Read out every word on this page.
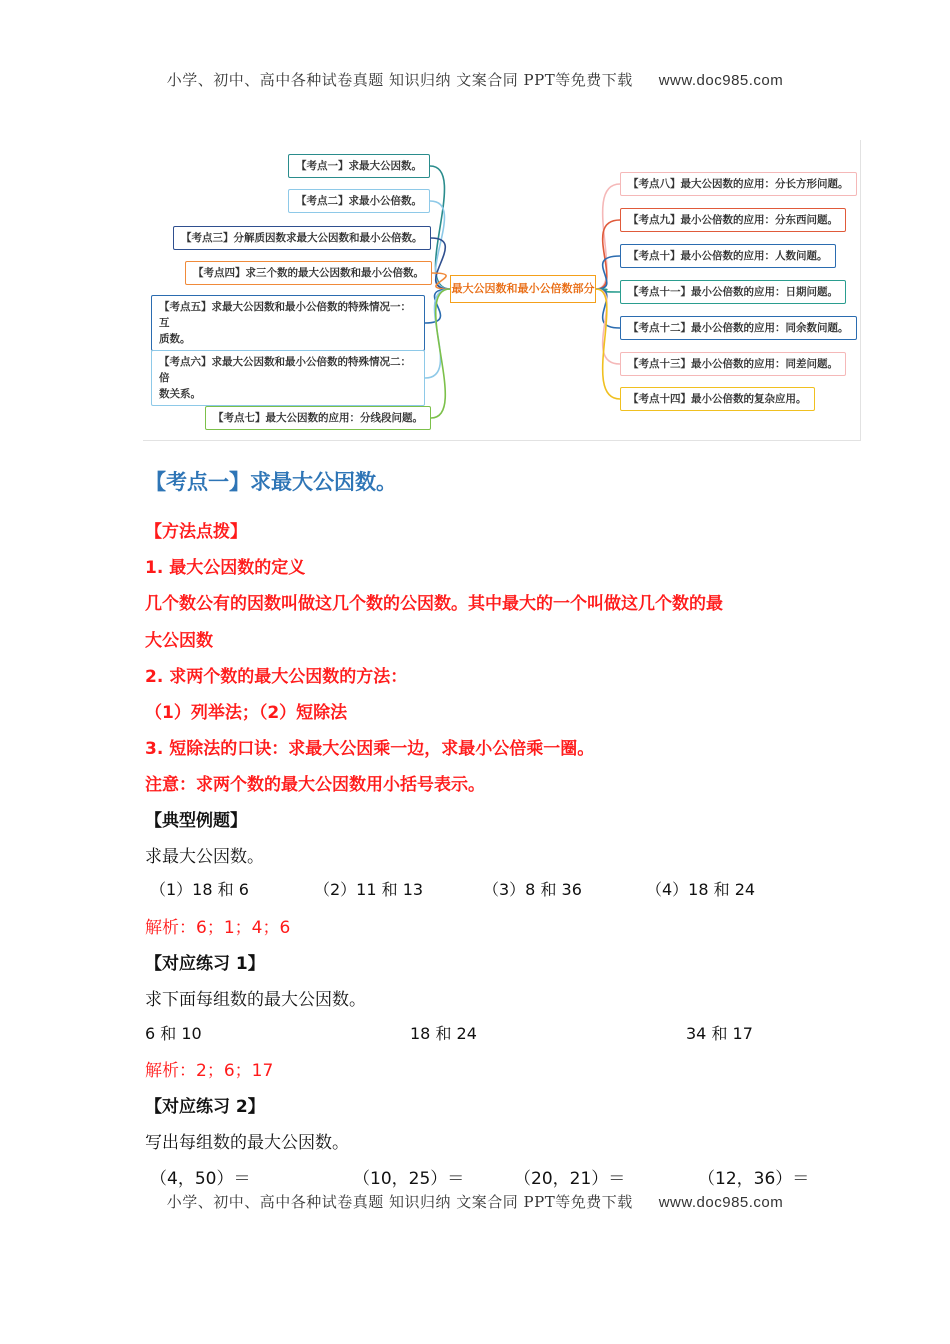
小学、初中、高中各种试卷真题 知识归纳 文案合同 PPT等免费下载 www.doc985.com
最大公因数和最小公倍数部分
【考点一】求最大公因数。
【考点二】求最小公倍数。
【考点三】分解质因数求最大公因数和最小公倍数。
【考点四】求三个数的最大公因数和最小公倍数。
【考点五】求最大公因数和最小公倍数的特殊情况一：互
质数。
【考点六】求最大公因数和最小公倍数的特殊情况二：倍
数关系。
【考点七】最大公因数的应用：分线段问题。
【考点八】最大公因数的应用：分长方形问题。
【考点九】最小公倍数的应用：分东西问题。
【考点十】最小公倍数的应用：人数问题。
【考点十一】最小公倍数的应用：日期问题。
【考点十二】最小公倍数的应用：同余数问题。
【考点十三】最小公倍数的应用：同差问题。
【考点十四】最小公倍数的复杂应用。
【考点一】求最大公因数。
【方法点拨】
1. 最大公因数的定义
几个数公有的因数叫做这几个数的公因数。其中最大的一个叫做这几个数的最
大公因数
2. 求两个数的最大公因数的方法：
（1）列举法；（2）短除法
3. 短除法的口诀：求最大公因乘一边，求最小公倍乘一圈。
注意：求两个数的最大公因数用小括号表示。
【典型例题】
求最大公因数。
（1）18 和 6	（2）11 和 13	（3）8 和 36	（4）18 和 24
解析：6；1；4；6
【对应练习 1】
求下面每组数的最大公因数。
6 和 10	18 和 24	34 和 17
解析：2；6；17
【对应练习 2】
写出每组数的最大公因数。
（4，50）＝	（10，25）＝	（20，21）＝	（12，36）＝
小学、初中、高中各种试卷真题 知识归纳 文案合同 PPT等免费下载 www.doc985.com
